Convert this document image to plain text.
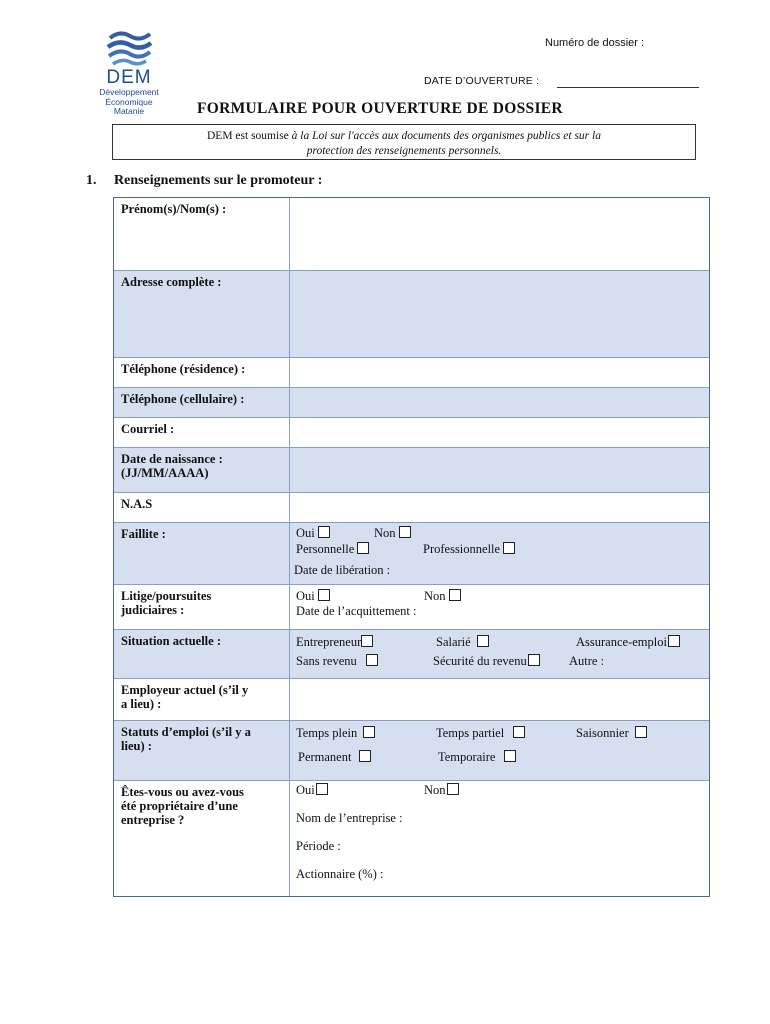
DEM
Développement
Économique
Matanie
Numéro de dossier :
DATE D’OUVERTURE :
FORMULAIRE POUR OUVERTURE DE DOSSIER
DEM est soumise à la Loi sur l'accès aux documents des organismes publics et sur la
protection des renseignements personnels.
1. Renseignements sur le promoteur :
Prénom(s)/Nom(s) :
Adresse complète :
Téléphone (résidence) :
Téléphone (cellulaire) :
Courriel :
Date de naissance :
(JJ/MM/AAAA)
N.A.S
Faillite :	Oui	Non
Personnelle	Professionnelle
Date de libération :
Litige/poursuites
judiciaires :
Oui	Non
Date de l’acquittement :
Situation actuelle :	Entrepreneur	Salarié	Assurance-emploi
Sans revenu	Sécurité du revenu	Autre :
Employeur actuel (s’il y
a lieu) :
Statuts d’emploi (s’il y a
lieu) :
Temps plein	Temps partiel	Saisonnier
Permanent	Temporaire
Êtes-vous ou avez-vous
été propriétaire d’une
entreprise ?
Oui	Non
Nom de l’entreprise :
Période :
Actionnaire (%) :
